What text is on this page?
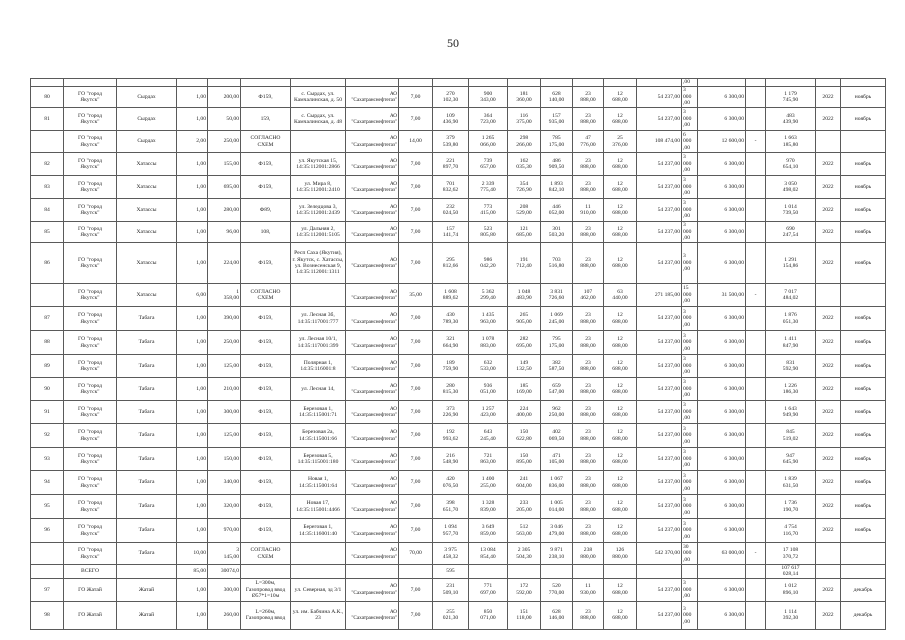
50
																,00					
80	ГО "город
Якутск"	Сырдах	1,00	200,00	Ф159,	с. Сырдах, ул. Камчалинская, д. 50	АО
"Сахатранснефтегаз"	7,00	270
102,30	900
343,00	181
360,00	628
140,00	23
888,00	12
688,00	54 237,00	3
000
,00	6 300,00		1 179
745,90	2022	ноябрь
81	ГО "город
Якутск"	Сырдах	1,00	50,00	159,	с. Сырдах, ул. Камчалинская, д. 48	АО
"Сахатранснефтегаз"	7,00	109
436,90	364
723,00	116
375,00	157
935,00	23
888,00	12
688,00	54 237,00	3
000
,00	6 300,00		483
439,90	2022	ноябрь
	ГО "город
Якутск"	Сырдах	2,00	250,00	СОГЛАСНО
СХЕМ		АО
"Сахатранснефтегаз"	14,00	379
539,80	1 265
066,00	298
266,00	785
175,00	47
776,00	25
376,00	108 474,00	6
000
,00	12 600,00	-	1 663
185,80		
82	ГО "город
Якутск"	Хатассы	1,00	155,00	Ф159,	ул. Якутская 15, 14:35:112001:2866	АО
"Сахатранснефтегаз"	7,00	221
897,70	739
657,00	162
035,30	486
909,50	23
888,00	12
688,00	54 237,00	3
000
,00	6 300,00		970
654,10	2022	ноябрь
83	ГО "город
Якутск"	Хатассы	1,00	695,00	Ф159,	ул. Мира 8, 14:35:112001:2410	АО
"Сахатранснефтегаз"	7,00	701
832,62	2 339
775,40	354
726,90	1 893
842,10	23
888,00	12
688,00	54 237,00	3
000
,00	6 300,00		3 050
498,02	2022	ноябрь
84	ГО "город
Якутск"	Хатассы	1,00	280,00	Ф89,	ул. Зеледцова 3, 14:35:112001:2439	АО
"Сахатранснефтегаз"	7,00	232
024,50	773
415,00	208
529,00	446
052,00	11
910,00	12
688,00	54 237,00	3
000
,00	6 300,00		1 014
739,50	2022	ноябрь
85	ГО "город
Якутск"	Хатассы	1,00	96,00	108,	ул. Дальняя 2, 14:35:112001:5105	АО
"Сахатранснефтегаз"	7,00	157
141,74	523
805,80	121
685,00	301
503,20	23
888,00	12
688,00	54 237,00	3
000
,00	6 300,00		690
247,54	2022	ноябрь
86	ГО "город
Якутск"	Хатассы	1,00	224,00	Ф159,	Респ Саха (Якутия), г. Якутск, с. Хатассы, ул. Вознесенская 9, 14:35:112001:1311	АО
"Сахатранснефтегаз"	7,00	295
812,66	986
042,20	191
712,40	703
516,80	23
888,00	12
688,00	54 237,00	3
000
,00	6 300,00		1 291
154,86	2022	ноябрь
	ГО "город
Якутск"	Хатассы	6,00	1
358,00	СОГЛАСНО
СХЕМ		АО
"Сахатранснефтегаз"	35,00	1 608
889,62	5 362
299,40	1 048
483,90	3 831
726,60	107
462,00	63
440,00	271 185,00	15
000
,00	31 500,00	-	7 017
484,02		
87	ГО "город
Якутск"	Табага	1,00	390,00	Ф159,	ул. Лесная 3б, 14:35:117001:777	АО
"Сахатранснефтегаз"	7,00	430
789,30	1 435
963,00	265
905,00	1 069
245,00	23
888,00	12
688,00	54 237,00	3
000
,00	6 300,00		1 876
051,30	2022	ноябрь
88	ГО "город
Якутск"	Табага	1,00	250,00	Ф159,	ул. Лесная 10/1, 14:35:117001:399	АО
"Сахатранснефтегаз"	7,00	321
664,90	1 078
883,00	282
695,00	795
175,00	23
888,00	12
688,00	54 237,00	3
000
,00	6 300,00		1 411
847,90	2022	ноябрь
89	ГО "город
Якутск"	Табага	1,00	125,00	Ф159,	Полярная 1, 14:35:116001:8	АО
"Сахатранснефтегаз"	7,00	189
759,90	632
533,00	149
132,50	382
587,50	23
888,00	12
688,00	54 237,00	3
000
,00	6 300,00		831
592,90	2022	ноябрь
90	ГО "город
Якутск"	Табага	1,00	210,00	Ф159,	ул. Лесная 14,	АО
"Сахатранснефтегаз"	7,00	280
815,30	936
051,00	185
169,00	659
547,00	23
888,00	12
688,00	54 237,00	3
000
,00	6 300,00		1 226
186,30	2022	ноябрь
91	ГО "город
Якутск"	Табага	1,00	300,00	Ф159,	Березовая 1, 14:35:115001:71	АО
"Сахатранснефтегаз"	7,00	373
226,90	1 257
423,00	224
400,00	962
250,00	23
888,00	12
688,00	54 237,00	3
000
,00	6 300,00		1 643
949,90	2022	ноябрь
92	ГО "город
Якутск"	Табага	1,00	125,00	Ф159,	Березовая 2а, 14:35:115001:66	АО
"Сахатранснефтегаз"	7,00	192
993,62	643
245,40	150
622,80	402
069,50	23
888,00	12
688,00	54 237,00	3
000
,00	6 300,00		845
519,02	2022	ноябрь
93	ГО "город
Якутск"	Табага	1,00	150,00	Ф159,	Березовая 5, 14:35:115001:180	АО
"Сахатранснефтегаз"	7,00	216
548,90	721
863,00	150
895,00	471
105,00	23
888,00	12
688,00	54 237,00	3
000
,00	6 300,00		947
645,90	2022	ноябрь
94	ГО "город
Якутск"	Табага	1,00	340,00	Ф159,	Новая 1, 14:35:115001:64	АО
"Сахатранснефтегаз"	7,00	420
076,50	1 400
255,00	241
604,00	1 067
836,00	23
888,00	12
688,00	54 237,00	3
000
,00	6 300,00		1 839
631,50	2022	ноябрь
95	ГО "город
Якутск"	Табага	1,00	320,00	Ф159,	Новая 17, 14:35:115001:4466	АО
"Сахатранснефтегаз"	7,00	398
651,70	1 328
839,00	233
205,00	1 005
014,00	23
888,00	12
688,00	54 237,00	3
000
,00	6 300,00		1 736
190,70	2022	ноябрь
96	ГО "город
Якутск"	Табага	1,00	970,00	Ф159,	Береговая 1, 14:35:116001:40	АО
"Сахатранснефтегаз"	7,00	1 094
957,70	3 649
859,00	512
563,00	3 046
479,00	23
888,00	12
688,00	54 237,00	3
000
,00	6 300,00		4 754
116,70	2022	ноябрь
	ГО "город
Якутск"	Табага	10,00	3
145,00	СОГЛАСНО
СХЕМ		АО
"Сахатранснефтегаз"	70,00	3 975
458,32	13 084
854,40	2 305
504,30	9 871
238,10	238
880,00	126
880,00	542 370,00	30
000
,00	63 000,00	-	17 108
370,72		
	ВСЕГО		85,00	30074,0					595										107 617
028,14		
97	ГО Жатай	Жатай	1,00	300,00	L=300м, Газопровод ввод Ø57*1=10м	ул. Северная, зд 3/1	АО
"Сахатранснефтегаз"	7,00	231
509,10	771
697,00	172
592,00	520
770,00	11
930,00	12
688,00	54 237,00	3
000
,00	6 300,00		1 012
896,10	2022	декабрь
98	ГО Жатай	Жатай	1,00	260,00	L=260м, Газопровод ввод	ул. им. Бабчина А.К., 23	АО
"Сахатранснефтегаз"	7,00	255
021,30	850
071,00	151
118,00	628
146,00	23
888,00	12
688,00	54 237,00	3
000
,00	6 300,00		1 114
392,30	2022	декабрь
